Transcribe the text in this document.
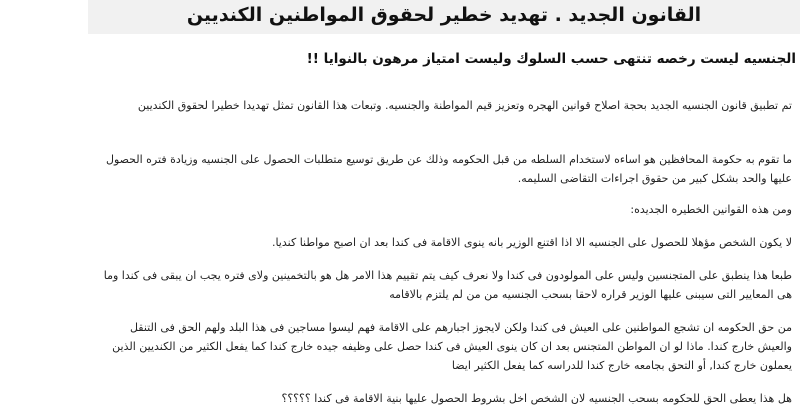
القانون الجديد . تهديد خطير لحقوق المواطنين الكنديين
الجنسيه ليست رخصه تنتهى حسب السلوك وليست امتياز مرهون بالنوايا !!

تم تطبيق قانون الجنسيه الجديد بحجة اصلاح قوانين الهجره وتعزيز قيم المواطنة والجنسيه. وتبعات هذا القانون تمثل تهديدا خطيرا لحقوق الكنديين

ما تقوم به حكومة المحافظين هو اساءه لاستخدام السلطه من قبل الحكومه وذلك عن طريق توسيع متطلبات الحصول على الجنسيه وزيادة فتره الحصول عليها والحد بشكل كبير من حقوق اجراءات التقاضى السليمه.

ومن هذه القوانين الخطيره الجديده:

لا يكون الشخص مؤهلا للحصول على الجنسيه الا اذا اقتنع الوزير بانه ينوى الاقامة فى كندا بعد ان اصبح مواطنا كنديا.

طبعا هذا ينطبق على المتجنسين وليس على المولودون فى كندا ولا نعرف كيف يتم تقييم هذا الامر هل هو بالتخمينين ولاى فتره يجب ان يبقى فى كندا وما هى المعايير التى سيبنى عليها الوزير قراره لاحقا بسحب الجنسيه من من لم يلتزم بالاقامه

من حق الحكومه ان تشجع المواطنين على العيش فى كندا ولكن لايجوز اجبارهم على الاقامة فهم ليسوا مساجين فى هذا البلد ولهم الحق فى التنقل والعيش خارج كندا. ماذا لو ان المواطن المتجنس بعد ان كان ينوى العيش فى كندا حصل على وظيفه جيده خارج كندا كما يفعل الكثير من الكنديين الذين يعملون خارج كندا, أو التحق بجامعه خارج كندا للدراسه كما يفعل الكثير ايضا

هل هذا يعطى الحق للحكومه بسحب الجنسيه لان الشخص اخل بشروط الحصول عليها بنية الاقامة فى كندا ؟؟؟؟؟
